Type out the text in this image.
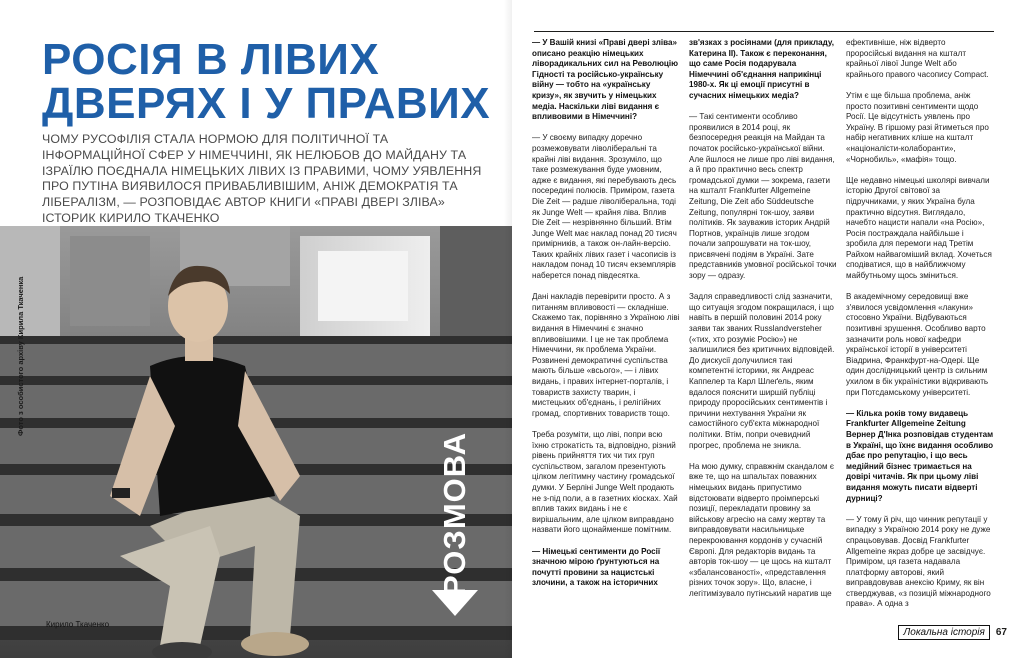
РОСІЯ В ЛІВИХ
ДВЕРЯХ І У ПРАВИХ

ЧОМУ РУСОФІЛІЯ СТАЛА НОРМОЮ ДЛЯ ПОЛІТИЧНОЇ ТА ІНФОРМАЦІЙНОЇ СФЕР У НІМЕЧЧИНІ, ЯК НЕЛЮБОВ ДО МАЙДАНУ ТА ІЗРАЇЛЮ ПОЄДНАЛА НІМЕЦЬКИХ ЛІВИХ ІЗ ПРАВИМИ, ЧОМУ УЯВЛЕННЯ ПРО ПУТІНА ВИЯВИЛОСЯ ПРИВАБЛИВІШИМ, АНІЖ ДЕМОКРАТІЯ ТА ЛІБЕРАЛІЗМ, — РОЗПОВІДАЄ АВТОР КНИГИ «ПРАВІ ДВЕРІ ЗЛІВА» ІСТОРИК КИРИЛО ТКАЧЕНКО

Фото з особистого архіву Кирила Ткаченка
Кирило Ткаченко
РОЗМОВА

— У Вашій книзі «Праві двері зліва» описано реакцію німецьких ліворадикальних сил на Революцію Гідності та російсько-українську війну — тобто на «українську кризу», як звучить у німецьких медіа. Наскільки ліві видання є впливовими в Німеччині?

— У своєму випадку доречно розмежовувати ліволіберальні та крайні ліві видання. Зрозуміло, що таке розмежування буде умовним, адже є видання, які перебувають десь посередині полюсів. Приміром, газета Die Zeit — радше ліволіберальна, тоді як Junge Welt — крайня ліва. Вплив Die Zeit — незрівнянно більший. Втім Junge Welt має наклад понад 20 тисяч примірників, а також он-лайн-версію. Таких крайніх лівих газет і часописів із накладом понад 10 тисяч екземплярів наберется понад півдесятка.

Дані накладів перевірити просто. А з питанням впливовості — складніше. Скажемо так, порівняно з Україною ліві видання в Німеччині є значно впливовішими. І це не так проблема Німеччини, як проблема України. Розвинені демократичні суспільства мають більше «всього», — і лівих видань, і правих інтернет-порталів, і товариств захисту тварин, і мистецьких об'єднань, і релігійних громад, спортивних товариств тощо.

Треба розуміти, що ліві, попри всю їхню строкатість та, відповідно, різний рівень прийняття тих чи тих груп суспільством, загалом презентують цілком легітимну частину громадської думки. У Берліні Junge Welt продають не з-під поли, а в газетних кіосках. Хай вплив таких видань і не є вирішальним, але цілком виправдано назвати його щонайменше помітним.

— Німецькі сентименти до Росії значною мірою ґрунтуються на почутті провини за нацистські злочини, а також на історичних

зв'язках з росіянами (для прикладу, Катерина ІІ). Також є переконання, що саме Росія подарувала Німеччині об'єднання наприкінці 1980-х. Як ці емоції присутні в сучасних німецьких медіа?

— Такі сентименти особливо проявилися в 2014 році, як безпосередня реакція на Майдан та початок російсько-української війни. Але йшлося не лише про ліві видання, а й про практично весь спектр громадської думки — зокрема, газети на кшталт Frankfurter Allgemeine Zeitung, Die Zeit або Süddeutsche Zeitung, популярні ток-шоу, заяви політиків. Як зауважив історик Андрій Портнов, українців лише згодом почали запрошувати на ток-шоу, присвячені подіям в Україні. Зате представників умовної російської точки зору — одразу.

Задля справедливості слід зазначити, що ситуація згодом покращилася, і що навіть в першій половині 2014 року заяви так званих Russlandversteher («тих, хто розуміє Росію») не залишилися без критичних відповідей. До дискусії долучилися такі компетентні історики, як Андреас Каппелер та Карл Шлеґель, яким вдалося пояснити ширшій публіці природу проросійських сентиментів і причини нехтування України як самостійного суб'єкта міжнародної політики. Втім, попри очевидний прогрес, проблема не зникла.

На мою думку, справжнім скандалом є вже те, що на шпальтах поважних німецьких видань припустимо відстоювати відверто проімперські позиції, перекладати провину за військову агресію на саму жертву та виправдовувати насильницьке перекроювання кордонів у сучасній Європі. Для редакторів видань та авторів ток-шоу — це щось на кшталт «збалансованості», «представлення різних точок зору». Що, власне, і легітимізувало путінський наратив ще

ефективніше, ніж відверто проросійські видання на кшталт крайньої лівої Junge Welt або крайнього правого часопису Compact.

Утім є ще більша проблема, аніж просто позитивні сентименти щодо Росії. Це відсутність уявлень про Україну. В гіршому разі йтиметься про набір негативних кліше на кшталт «націоналісти-колаборанти», «Чорнобиль», «мафія» тощо.

Ще недавно німецькі школярі вивчали історію Другої світової за підручниками, у яких Україна була практично відсутня. Виглядало, начебто нацисти напали «на Росію», Росія постраждала найбільше і зробила для перемоги над Третім Райхом найвагоміший вклад. Хочеться сподіватися, що в найближчому майбутньому щось зміниться.

В академічному середовищі вже з'явилося усвідомлення «лакуни» стосовно України. Відбуваються позитивні зрушення. Особливо варто зазначити роль нової кафедри української історії в університеті Віадрина, Франкфурт-на-Одері. Ще один дослідницький центр із сильним ухилом в бік україністики відкривають при Потсдамському університеті.

— Кілька років тому видавець Frankfurter Allgemeine Zeitung Вернер Д'Інка розповідав студентам в Україні, що їхнє видання особливо дбає про репутацію, і що весь медійний бізнес тримається на довірі читачів. Як при цьому ліві видання можуть писати відверті дурниці?

— У тому й річ, що чинник репутації у випадку з Україною 2014 року не дуже спрацьовував. Досвід Frankfurter Allgemeine якраз добре це засвідчує. Приміром, ця газета надавала платформу авторові, який виправдовував анексію Криму, як він стверджував, «з позицій міжнародного права». А одна з

Локальна історія	67
